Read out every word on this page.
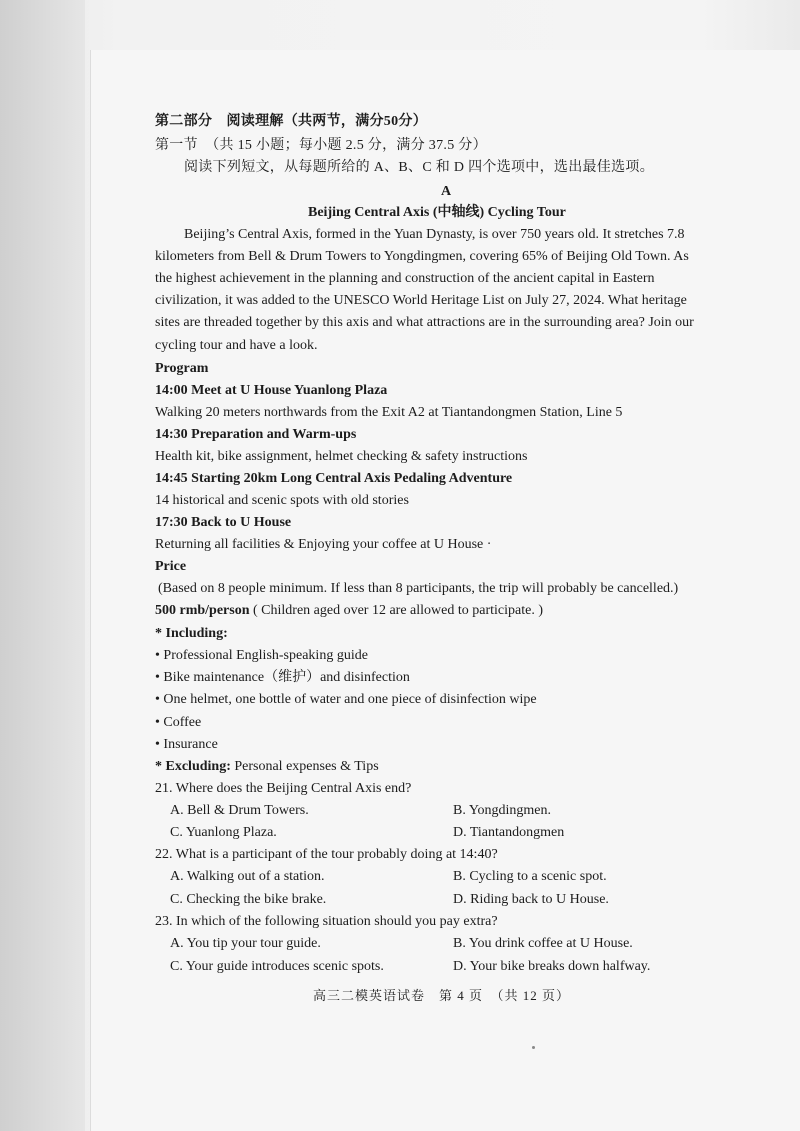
第二部分　阅读理解（共两节，满分50分）
第一节　（共 15 小题；每小题 2.5 分，满分 37.5 分）
阅读下列短文，从每题所给的 A、B、C 和 D 四个选项中，选出最佳选项。
A
Beijing Central Axis (中轴线) Cycling Tour
Beijing’s Central Axis, formed in the Yuan Dynasty, is over 750 years old. It stretches 7.8
kilometers from Bell & Drum Towers to Yongdingmen, covering 65% of Beijing Old Town. As
the highest achievement in the planning and construction of the ancient capital in Eastern
civilization, it was added to the UNESCO World Heritage List on July 27, 2024. What heritage
sites are threaded together by this axis and what attractions are in the surrounding area? Join our
cycling tour and have a look.
Program
14:00 Meet at U House Yuanlong Plaza
Walking 20 meters northwards from the Exit A2 at Tiantandongmen Station, Line 5
14:30 Preparation and Warm-ups
Health kit, bike assignment, helmet checking & safety instructions
14:45 Starting 20km Long Central Axis Pedaling Adventure
14 historical and scenic spots with old stories
17:30 Back to U House
Returning all facilities & Enjoying your coffee at U House ·
Price
(Based on 8 people minimum. If less than 8 participants, the trip will probably be cancelled.)
500 rmb/person ( Children aged over 12 are allowed to participate. )
* Including:
• Professional English-speaking guide
• Bike maintenance（维护）and disinfection
• One helmet, one bottle of water and one piece of disinfection wipe
• Coffee
• Insurance
* Excluding: Personal expenses & Tips
21. Where does the Beijing Central Axis end?
A. Bell & Drum Towers.	B. Yongdingmen.
C. Yuanlong Plaza.	D. Tiantandongmen
22. What is a participant of the tour probably doing at 14:40?
A. Walking out of a station.	B. Cycling to a scenic spot.
C. Checking the bike brake.	D. Riding back to U House.
23. In which of the following situation should you pay extra?
A. You tip your tour guide.	B. You drink coffee at U House.
C. Your guide introduces scenic spots.	D. Your bike breaks down halfway.
高三二模英语试卷　第 4 页　（共 12 页）
